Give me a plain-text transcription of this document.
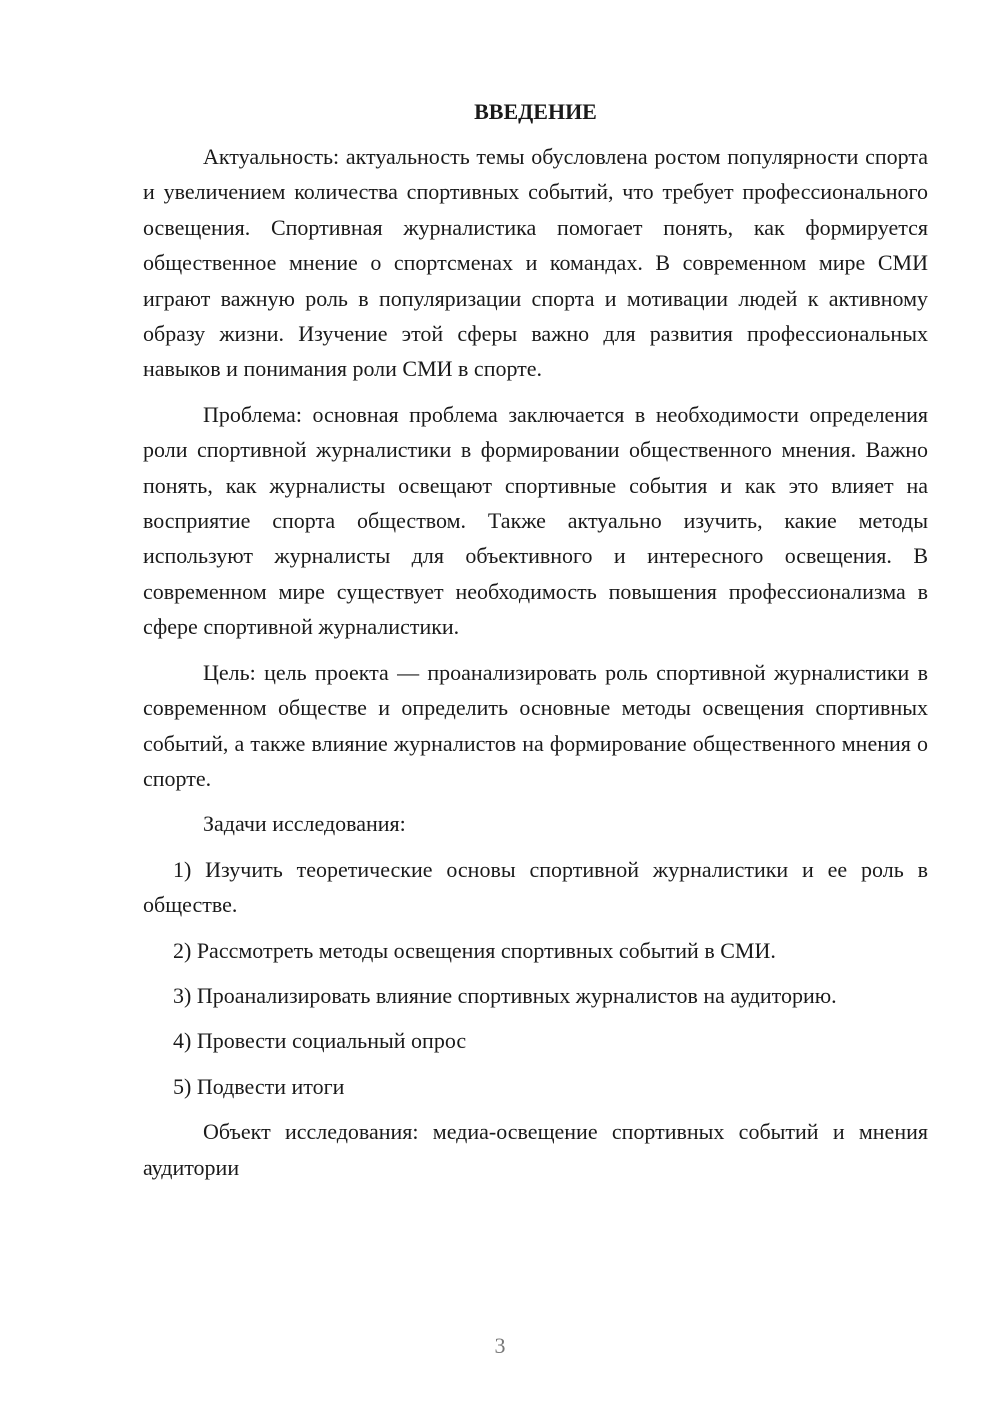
ВВЕДЕНИЕ

Актуальность: актуальность темы обусловлена ростом популярности спорта и увеличением количества спортивных событий, что требует профессионального освещения. Спортивная журналистика помогает понять, как формируется общественное мнение о спортсменах и командах. В современном мире СМИ играют важную роль в популяризации спорта и мотивации людей к активному образу жизни. Изучение этой сферы важно для развития профессиональных навыков и понимания роли СМИ в спорте.

Проблема: основная проблема заключается в необходимости определения роли спортивной журналистики в формировании общественного мнения. Важно понять, как журналисты освещают спортивные события и как это влияет на восприятие спорта обществом. Также актуально изучить, какие методы используют журналисты для объективного и интересного освещения. В современном мире существует необходимость повышения профессионализма в сфере спортивной журналистики.

Цель: цель проекта — проанализировать роль спортивной журналистики в современном обществе и определить основные методы освещения спортивных событий, а также влияние журналистов на формирование общественного мнения о спорте.

Задачи исследования:

1) Изучить теоретические основы спортивной журналистики и ее роль в обществе.

2) Рассмотреть методы освещения спортивных событий в СМИ.

3) Проанализировать влияние спортивных журналистов на аудиторию.

4) Провести социальный опрос

5) Подвести итоги

Объект исследования: медиа-освещение спортивных событий и мнения аудитории

3
